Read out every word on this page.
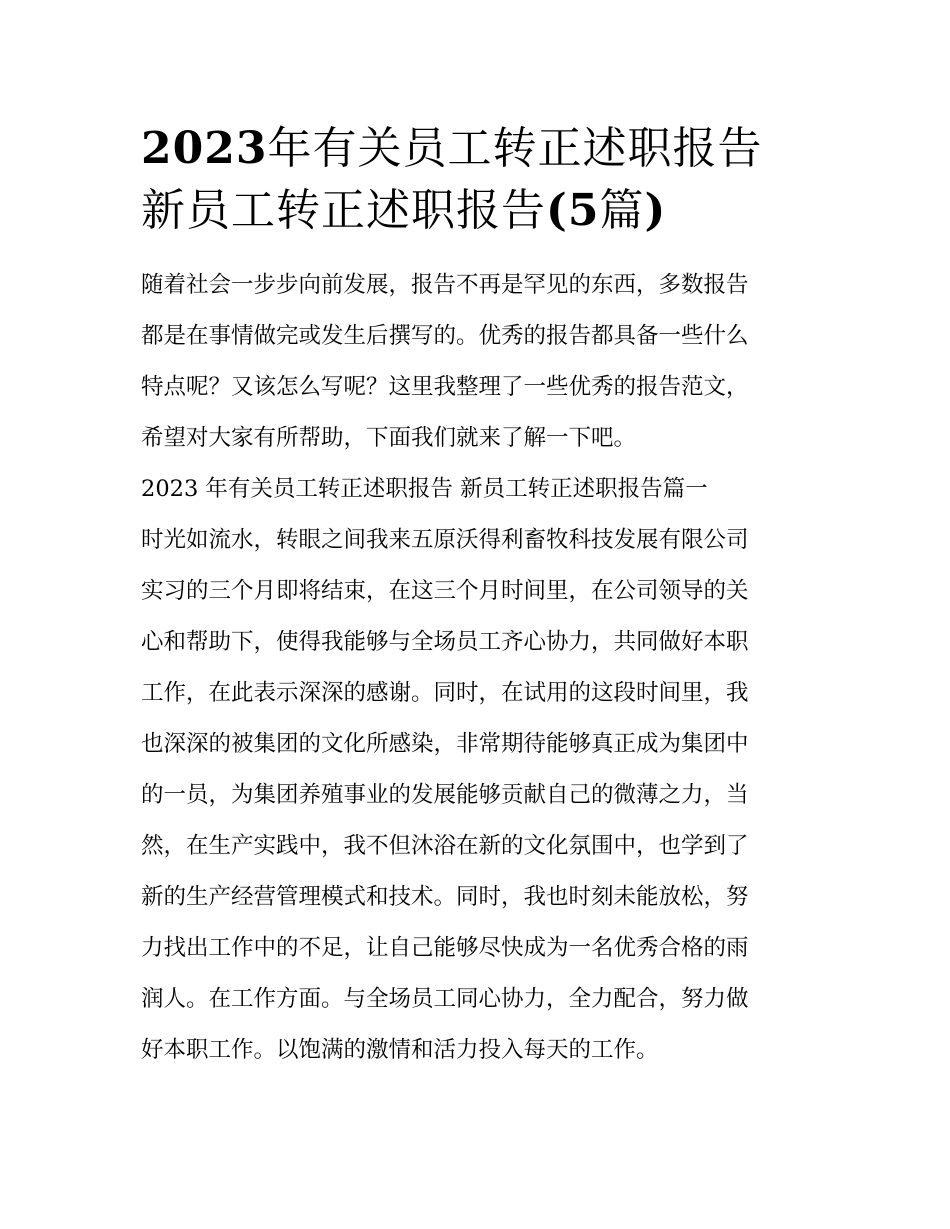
2023年有关员工转正述职报告
新员工转正述职报告(5篇)
随着社会一步步向前发展，报告不再是罕见的东西，多数报告
都是在事情做完或发生后撰写的。优秀的报告都具备一些什么
特点呢？又该怎么写呢？这里我整理了一些优秀的报告范文，
希望对大家有所帮助，下面我们就来了解一下吧。
2023 年有关员工转正述职报告 新员工转正述职报告篇一
时光如流水，转眼之间我来五原沃得利畜牧科技发展有限公司
实习的三个月即将结束，在这三个月时间里，在公司领导的关
心和帮助下，使得我能够与全场员工齐心协力，共同做好本职
工作，在此表示深深的感谢。同时，在试用的这段时间里，我
也深深的被集团的文化所感染，非常期待能够真正成为集团中
的一员，为集团养殖事业的发展能够贡献自己的微薄之力，当
然，在生产实践中，我不但沐浴在新的文化氛围中，也学到了
新的生产经营管理模式和技术。同时，我也时刻未能放松，努
力找出工作中的不足，让自己能够尽快成为一名优秀合格的雨
润人。在工作方面。与全场员工同心协力，全力配合，努力做
好本职工作。以饱满的激情和活力投入每天的工作。
